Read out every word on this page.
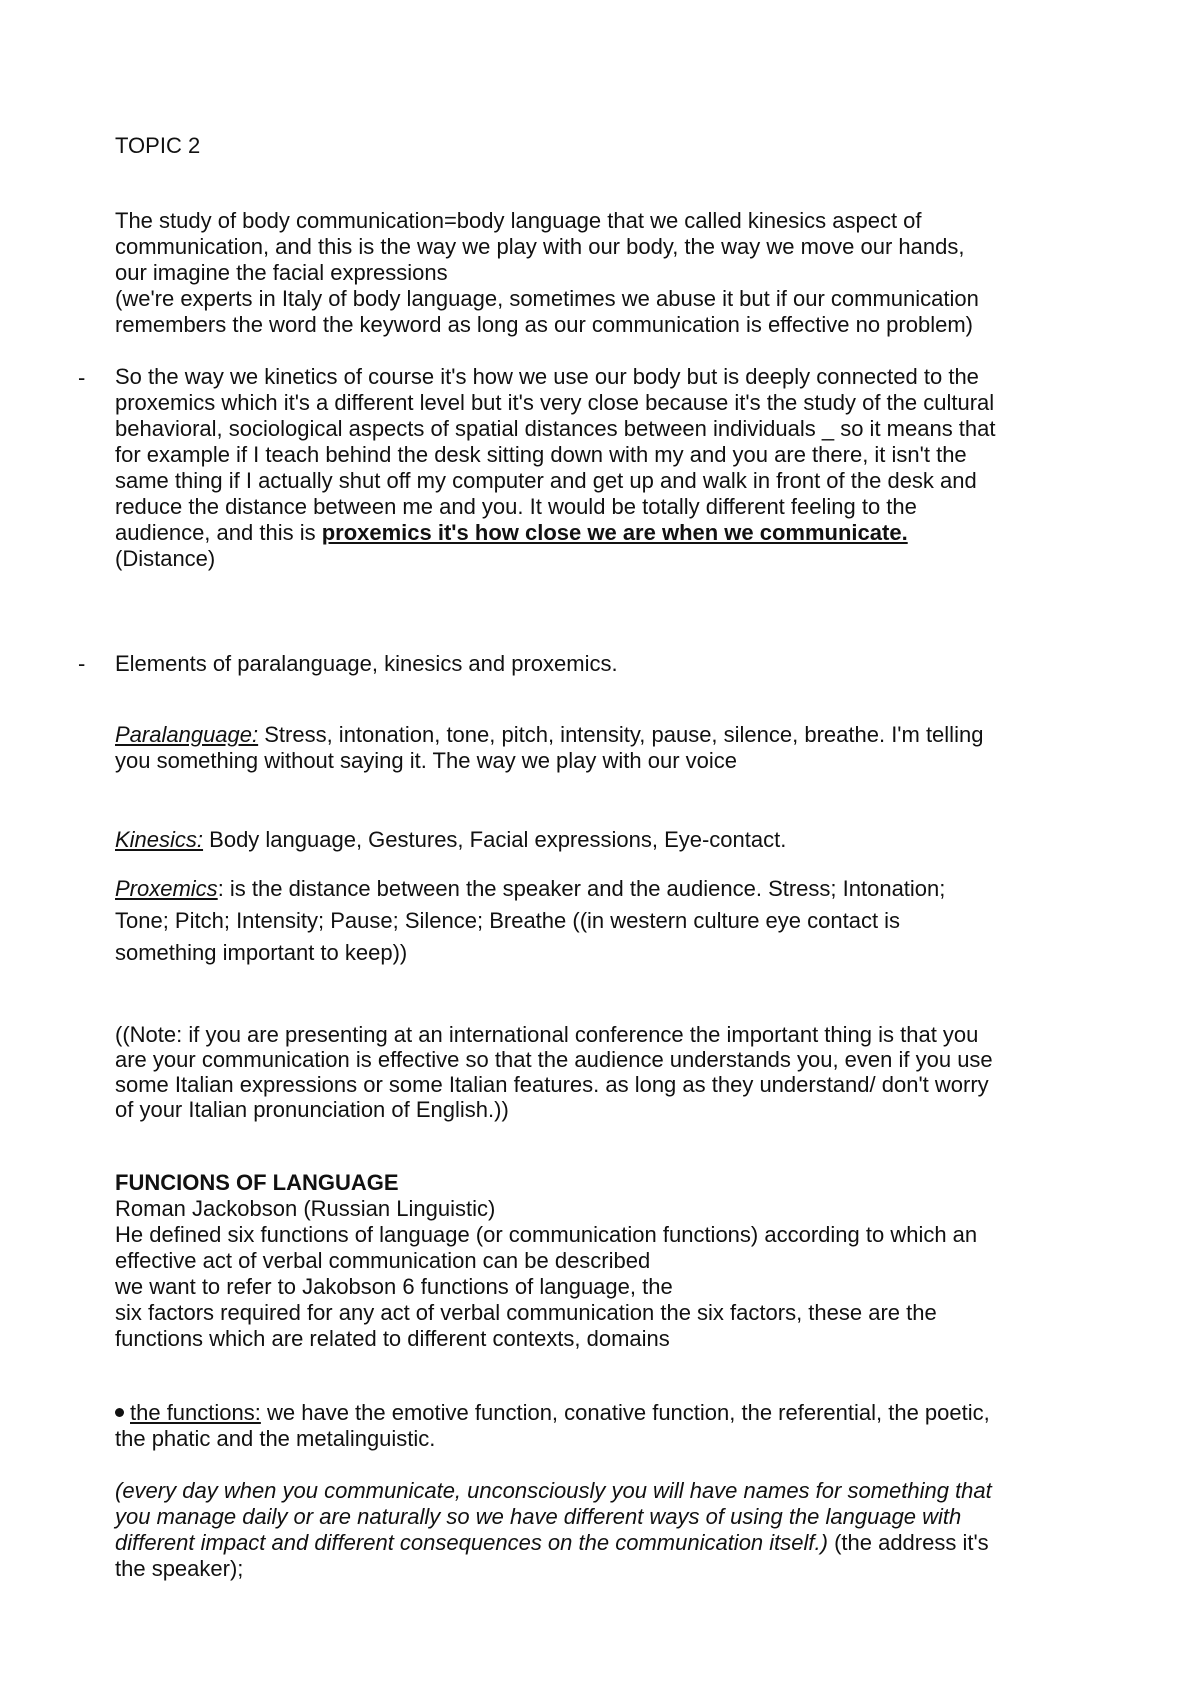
TOPIC 2

The study of body communication=body language that we called kinesics aspect of

communication, and this is the way we play with our body, the way we move our hands,

our imagine the facial expressions

(we're experts in Italy of body language, sometimes we abuse it but if our communication

remembers the word the keyword as long as our communication is effective no problem)

- So the way we kinetics of course it's how we use our body but is deeply connected to the

proxemics which it's a different level but it's very close because it's the study of the cultural

behavioral, sociological aspects of spatial distances between individuals _ so it means that

for example if I teach behind the desk sitting down with my and you are there, it isn't the

same thing if I actually shut off my computer and get up and walk in front of the desk and

reduce the distance between me and you. It would be totally different feeling to the

audience, and this is proxemics it's how close we are when we communicate.

(Distance)

- Elements of paralanguage, kinesics and proxemics.

Paralanguage: Stress, intonation, tone, pitch, intensity, pause, silence, breathe. I'm telling

you something without saying it. The way we play with our voice

Kinesics: Body language, Gestures, Facial expressions, Eye-contact.

Proxemics: is the distance between the speaker and the audience. Stress; Intonation;

Tone; Pitch; Intensity; Pause; Silence; Breathe ((in western culture eye contact is

something important to keep))

((Note: if you are presenting at an international conference the important thing is that you

are your communication is effective so that the audience understands you, even if you use

some Italian expressions or some Italian features. as long as they understand/ don't worry

of your Italian pronunciation of English.))

FUNCIONS OF LANGUAGE

Roman Jackobson (Russian Linguistic)

He defined six functions of language (or communication functions) according to which an

effective act of verbal communication can be described

we want to refer to Jakobson 6 functions of language, the

six factors required for any act of verbal communication the six factors, these are the

functions which are related to different contexts, domains

the functions: we have the emotive function, conative function, the referential, the poetic,

the phatic and the metalinguistic.

(every day when you communicate, unconsciously you will have names for something that

you manage daily or are naturally so we have different ways of using the language with

different impact and different consequences on the communication itself.) (the address it's

the speaker);
